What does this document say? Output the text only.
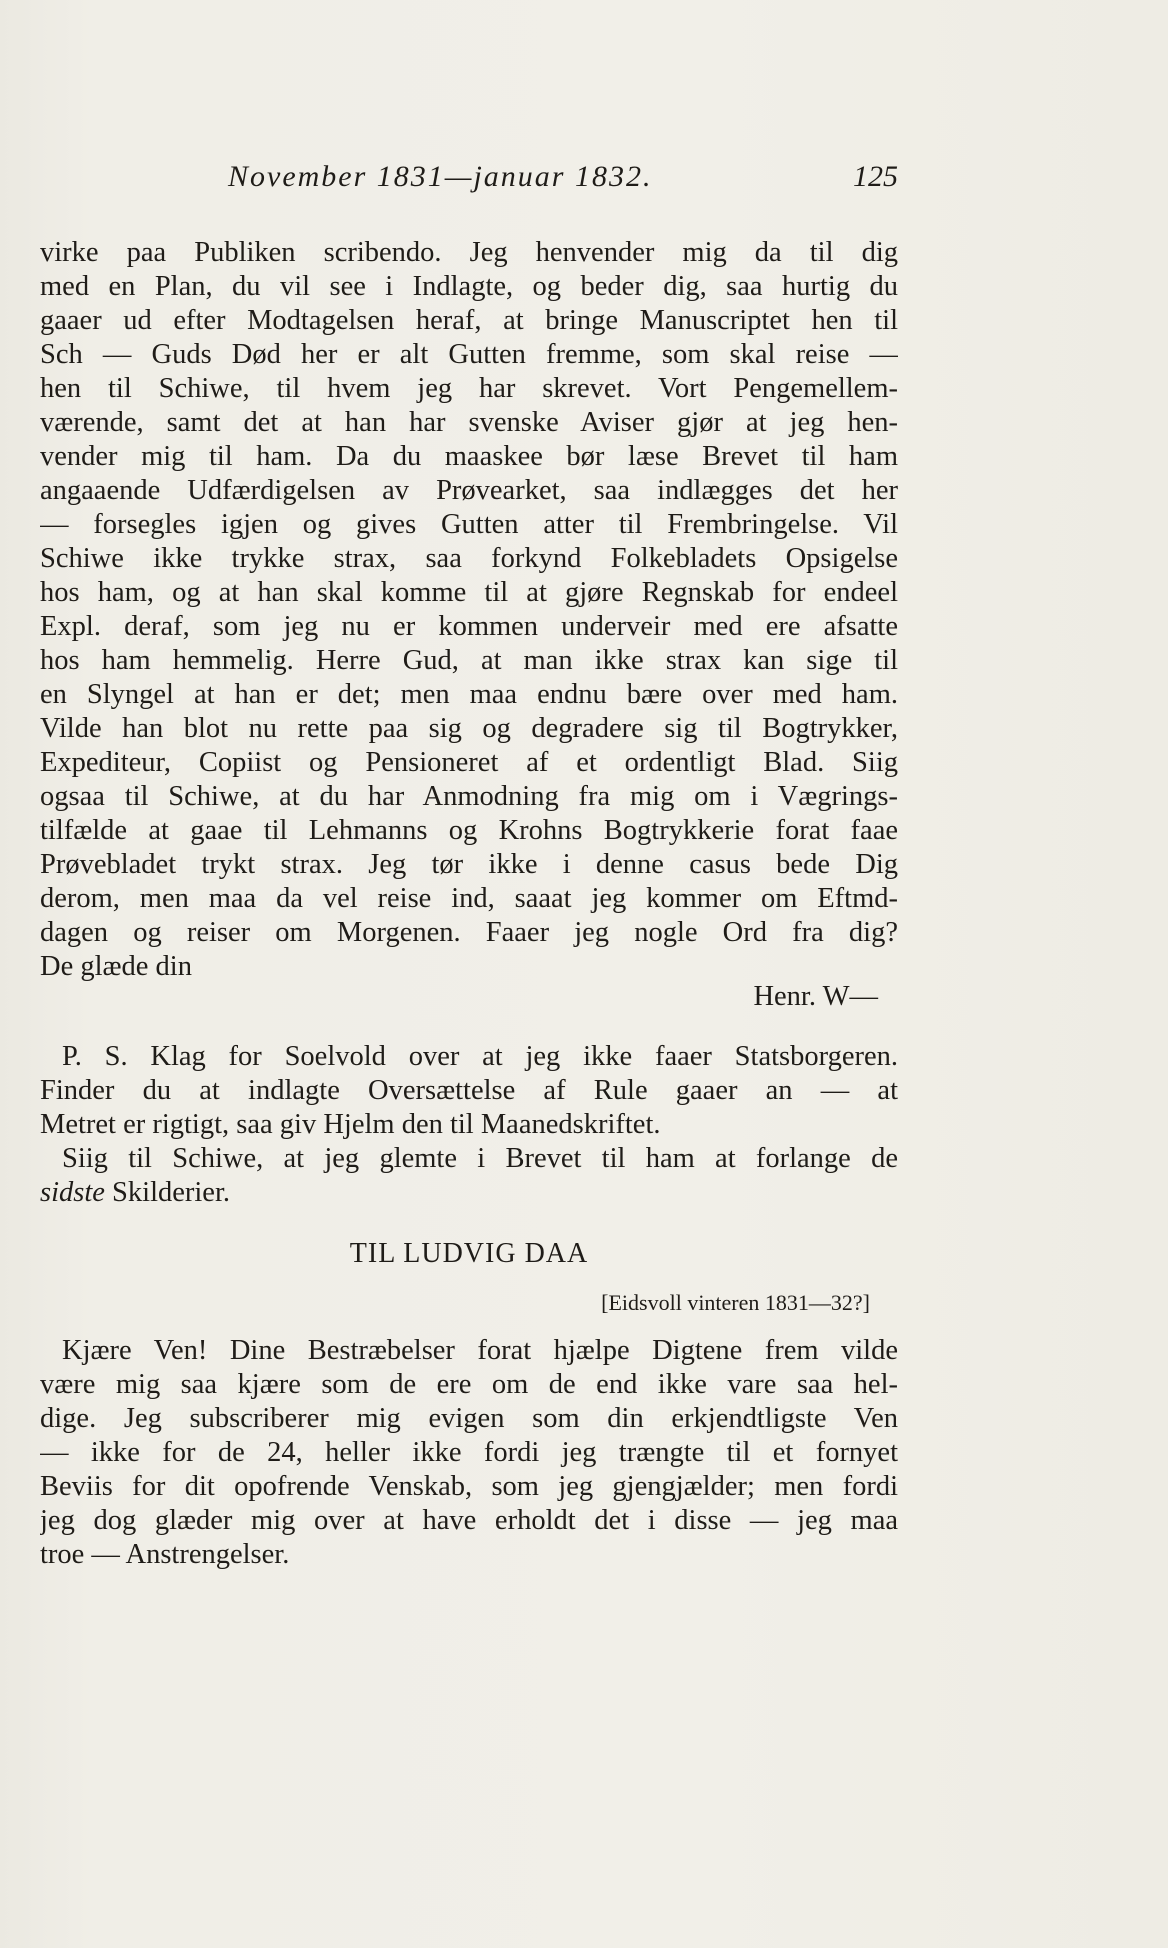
November 1831—januar 1832.	125
virke paa Publiken scribendo. Jeg henvender mig da til dig
med en Plan, du vil see i Indlagte, og beder dig, saa hurtig du
gaaer ud efter Modtagelsen heraf, at bringe Manuscriptet hen til
Sch — Guds Død her er alt Gutten fremme, som skal reise —
hen til Schiwe, til hvem jeg har skrevet. Vort Pengemellem-
værende, samt det at han har svenske Aviser gjør at jeg hen-
vender mig til ham. Da du maaskee bør læse Brevet til ham
angaaende Udfærdigelsen av Prøvearket, saa indlægges det her
— forsegles igjen og gives Gutten atter til Frembringelse. Vil
Schiwe ikke trykke strax, saa forkynd Folkebladets Opsigelse
hos ham, og at han skal komme til at gjøre Regnskab for endeel
Expl. deraf, som jeg nu er kommen underveir med ere afsatte
hos ham hemmelig. Herre Gud, at man ikke strax kan sige til
en Slyngel at han er det; men maa endnu bære over med ham.
Vilde han blot nu rette paa sig og degradere sig til Bogtrykker,
Expediteur, Copiist og Pensioneret af et ordentligt Blad. Siig
ogsaa til Schiwe, at du har Anmodning fra mig om i Vægrings-
tilfælde at gaae til Lehmanns og Krohns Bogtrykkerie forat faae
Prøvebladet trykt strax. Jeg tør ikke i denne casus bede Dig
derom, men maa da vel reise ind, saaat jeg kommer om Eftmd-
dagen og reiser om Morgenen. Faaer jeg nogle Ord fra dig?
De glæde din
Henr. W—
P. S. Klag for Soelvold over at jeg ikke faaer Statsborgeren.
Finder du at indlagte Oversættelse af Rule gaaer an — at
Metret er rigtigt, saa giv Hjelm den til Maanedskriftet.
Siig til Schiwe, at jeg glemte i Brevet til ham at forlange de
sidste Skilderier.
TIL LUDVIG DAA
[Eidsvoll vinteren 1831—32?]
Kjære Ven! Dine Bestræbelser forat hjælpe Digtene frem vilde
være mig saa kjære som de ere om de end ikke vare saa hel-
dige. Jeg subscriberer mig evigen som din erkjendtligste Ven
— ikke for de 24, heller ikke fordi jeg trængte til et fornyet
Beviis for dit opofrende Venskab, som jeg gjengjælder; men fordi
jeg dog glæder mig over at have erholdt det i disse — jeg maa
troe — Anstrengelser.
